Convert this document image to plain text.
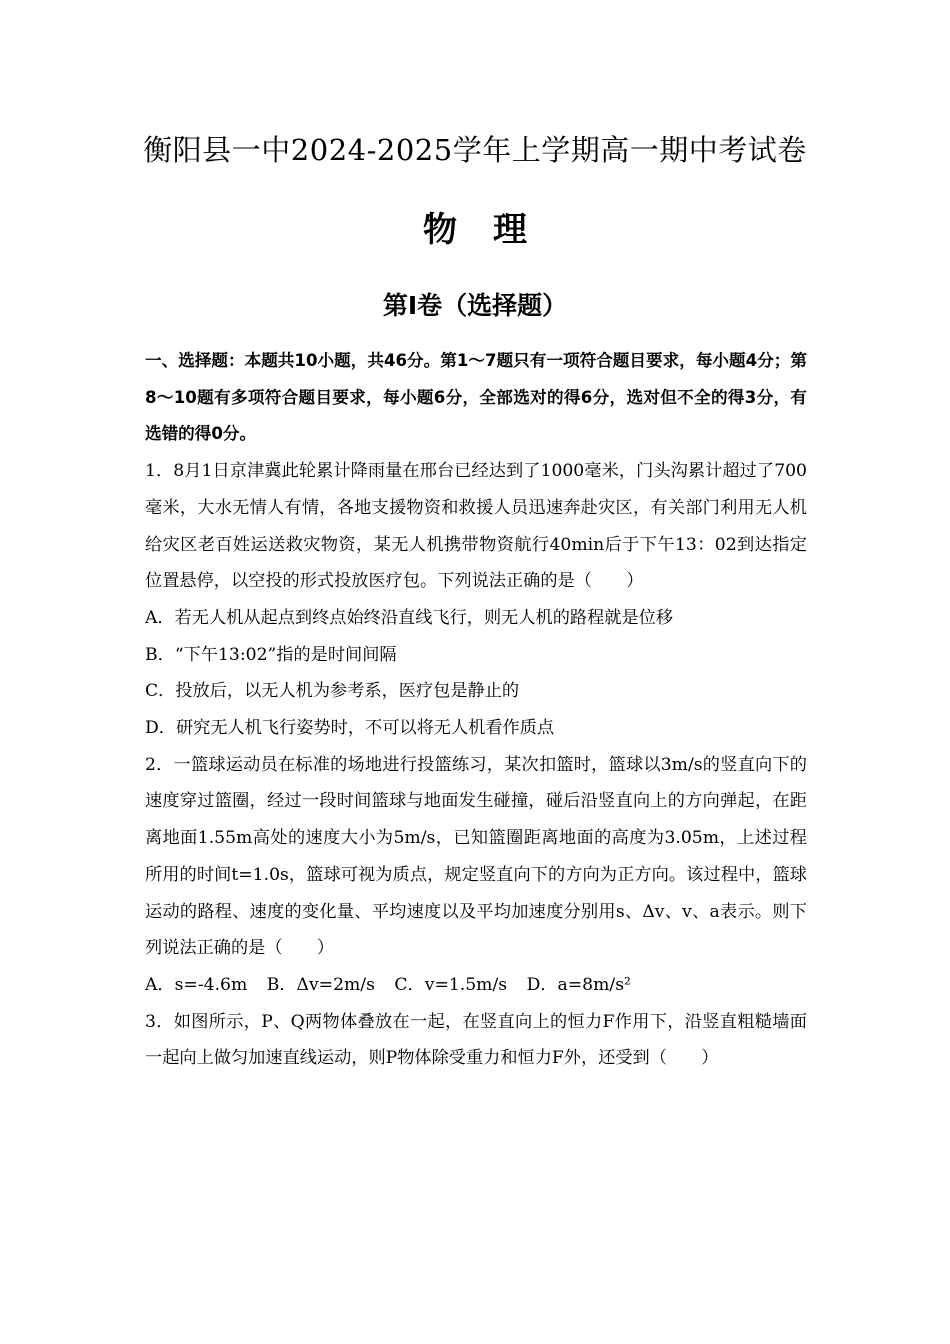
衡阳县一中2024-2025学年上学期高一期中考试卷
物理
第Ⅰ卷（选择题）

一、选择题：本题共10小题，共46分。第1～7题只有一项符合题目要求，每小题4分；第8～10题有多项符合题目要求，每小题6分，全部选对的得6分，选对但不全的得3分，有选错的得0分。

1．8月1日京津冀此轮累计降雨量在邢台已经达到了1000毫米，门头沟累计超过了700毫米，大水无情人有情，各地支援物资和救援人员迅速奔赴灾区，有关部门利用无人机给灾区老百姓运送救灾物资，某无人机携带物资航行40min后于下午13：02到达指定位置悬停，以空投的形式投放医疗包。下列说法正确的是（　　）

A．若无人机从起点到终点始终沿直线飞行，则无人机的路程就是位移

B．“下午13:02”指的是时间间隔

C．投放后，以无人机为参考系，医疗包是静止的

D．研究无人机飞行姿势时，不可以将无人机看作质点

2．一篮球运动员在标准的场地进行投篮练习，某次扣篮时，篮球以3m/s的竖直向下的速度穿过篮圈，经过一段时间篮球与地面发生碰撞，碰后沿竖直向上的方向弹起，在距离地面1.55m高处的速度大小为5m/s，已知篮圈距离地面的高度为3.05m，上述过程所用的时间t=1.0s，篮球可视为质点，规定竖直向下的方向为正方向。该过程中，篮球运动的路程、速度的变化量、平均速度以及平均加速度分别用s、Δv、v、a表示。则下列说法正确的是（　　）

A．s=-4.6m B．Δv=2m/s C．v=1.5m/s D．a=8m/s²

3．如图所示，P、Q两物体叠放在一起，在竖直向上的恒力F作用下，沿竖直粗糙墙面一起向上做匀加速直线运动，则P物体除受重力和恒力F外，还受到（　　）
